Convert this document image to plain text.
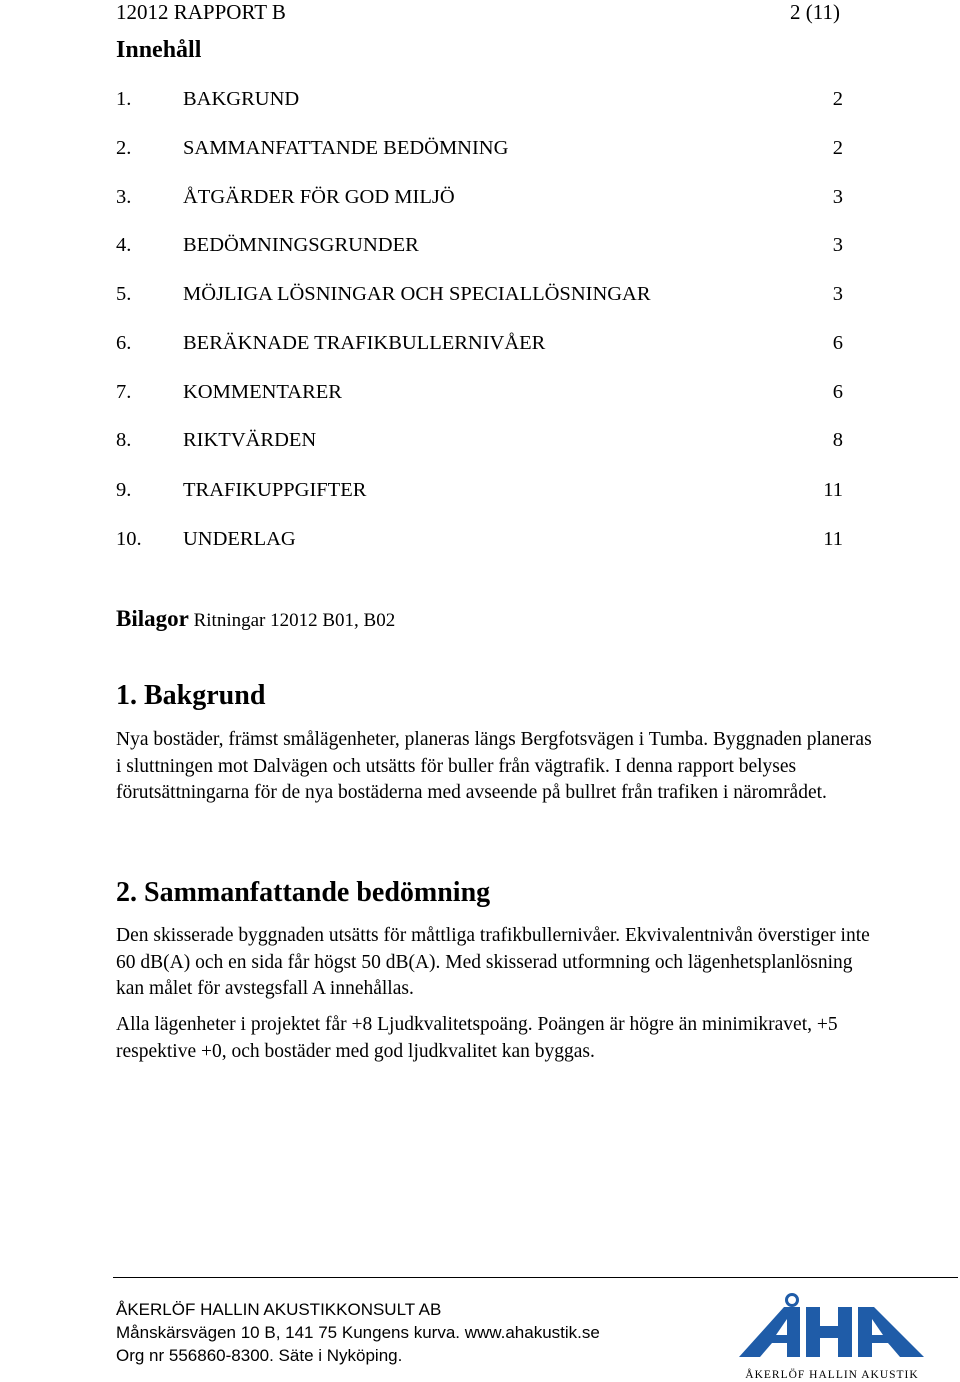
12012 RAPPORT B	2 (11)
Innehåll
1.	BAKGRUND	2
2.	SAMMANFATTANDE BEDÖMNING	2
3.	ÅTGÄRDER FÖR GOD MILJÖ	3
4.	BEDÖMNINGSGRUNDER	3
5.	MÖJLIGA LÖSNINGAR OCH SPECIALLÖSNINGAR	3
6.	BERÄKNADE TRAFIKBULLERNIVÅER	6
7.	KOMMENTARER	6
8.	RIKTVÄRDEN	8
9.	TRAFIKUPPGIFTER	11
10. UNDERLAG	11
Bilagor Ritningar 12012 B01, B02
1. Bakgrund

Nya bostäder, främst smålägenheter, planeras längs Bergfotsvägen i Tumba. Byggnaden planeras i sluttningen mot Dalvägen och utsätts för buller från vägtrafik. I denna rapport belyses förutsättningarna för de nya bostäderna med avseende på bullret från trafiken i närområdet.

2. Sammanfattande bedömning

Den skisserade byggnaden utsätts för måttliga trafikbullernivåer. Ekvivalentnivån överstiger inte 60 dB(A) och en sida får högst 50 dB(A). Med skisserad utformning och lägenhetsplanlösning kan målet för avstegsfall A innehållas.

Alla lägenheter i projektet får +8 Ljudkvalitetspoäng. Poängen är högre än minimikravet, +5 respektive +0, och bostäder med god ljudkvalitet kan byggas.

ÅKERLÖF HALLIN AKUSTIKKONSULT AB
Månskärsvägen 10 B, 141 75 Kungens kurva. www.ahakustik.se
Org nr 556860-8300. Säte i Nyköping.
ÅKERLÖF HALLIN AKUSTIK
